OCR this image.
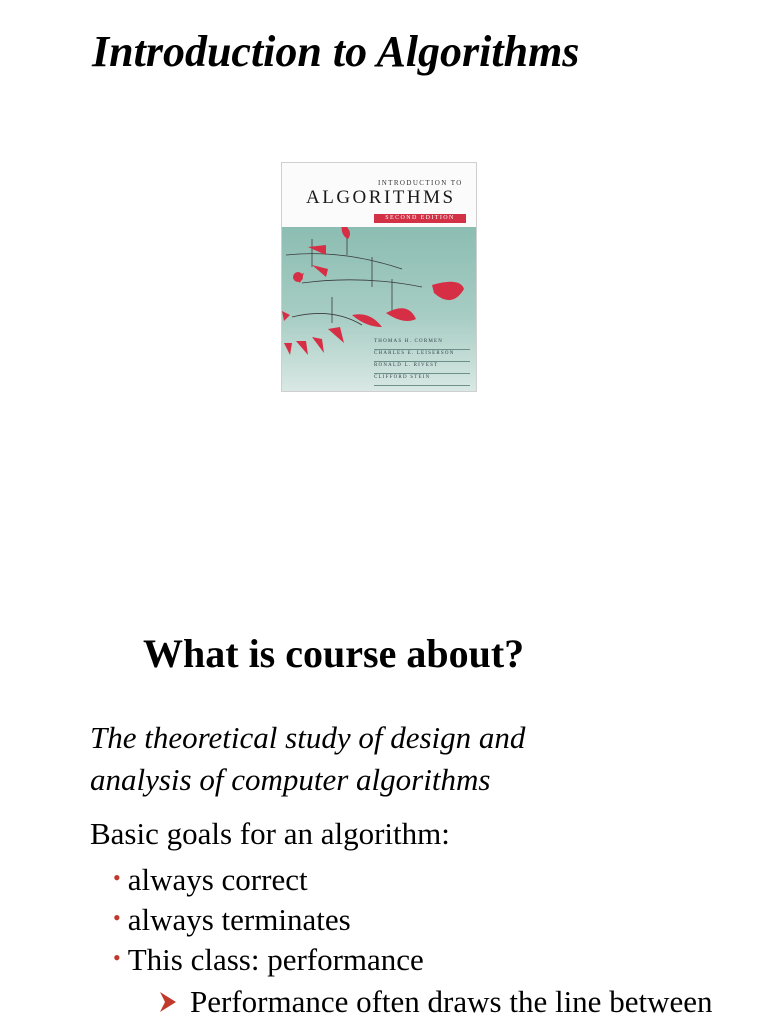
Introduction to Algorithms
INTRODUCTION TO
ALGORITHMS
SECOND EDITION
THOMAS H. CORMEN
CHARLES E. LEISERSON
RONALD L. RIVEST
CLIFFORD STEIN
What is course about?

The theoretical study of design and
analysis of computer algorithms

Basic goals for an algorithm:

• always correct
• always terminates
• This class: performance
Performance often draws the line between
